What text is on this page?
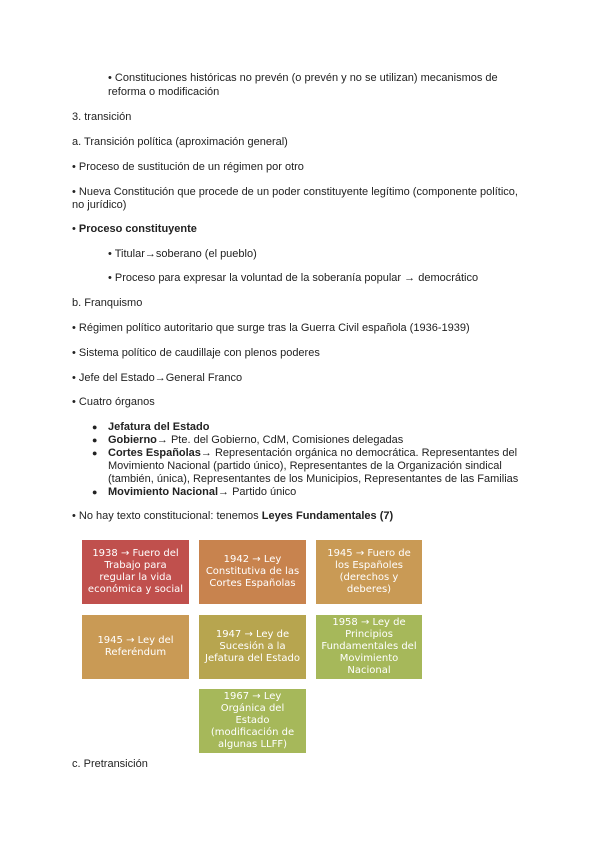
• Constituciones históricas no prevén (o prevén y no se utilizan) mecanismos de
reforma o modificación
3. transición
a. Transición política (aproximación general)
• Proceso de sustitución de un régimen por otro
• Nueva Constitución que procede de un poder constituyente legítimo (componente político, no jurídico)
• Proceso constituyente
• Titular→soberano (el pueblo)
• Proceso para expresar la voluntad de la soberanía popular → democrático
b. Franquismo
• Régimen político autoritario que surge tras la Guerra Civil española (1936-1939)
• Sistema político de caudillaje con plenos poderes
• Jefe del Estado→General Franco
• Cuatro órganos
● Jefatura del Estado
● Gobierno→ Pte. del Gobierno, CdM, Comisiones delegadas
● Cortes Españolas→ Representación orgánica no democrática. Representantes del Movimiento Nacional (partido único), Representantes de la Organización sindical (también, única), Representantes de los Municipios, Representantes de las Familias
● Movimiento Nacional→ Partido único
• No hay texto constitucional: tenemos Leyes Fundamentales (7)
1938 → Fuero del Trabajo para regular la vida económica y social
1942 → Ley Constitutiva de las Cortes Españolas
1945 → Fuero de los Españoles (derechos y deberes)
1945 → Ley del Referéndum
1947 → Ley de Sucesión a la Jefatura del Estado
1958 → Ley de Principios Fundamentales del Movimiento Nacional
1967 → Ley Orgánica del Estado (modificación de algunas LLFF)
c. Pretransición
